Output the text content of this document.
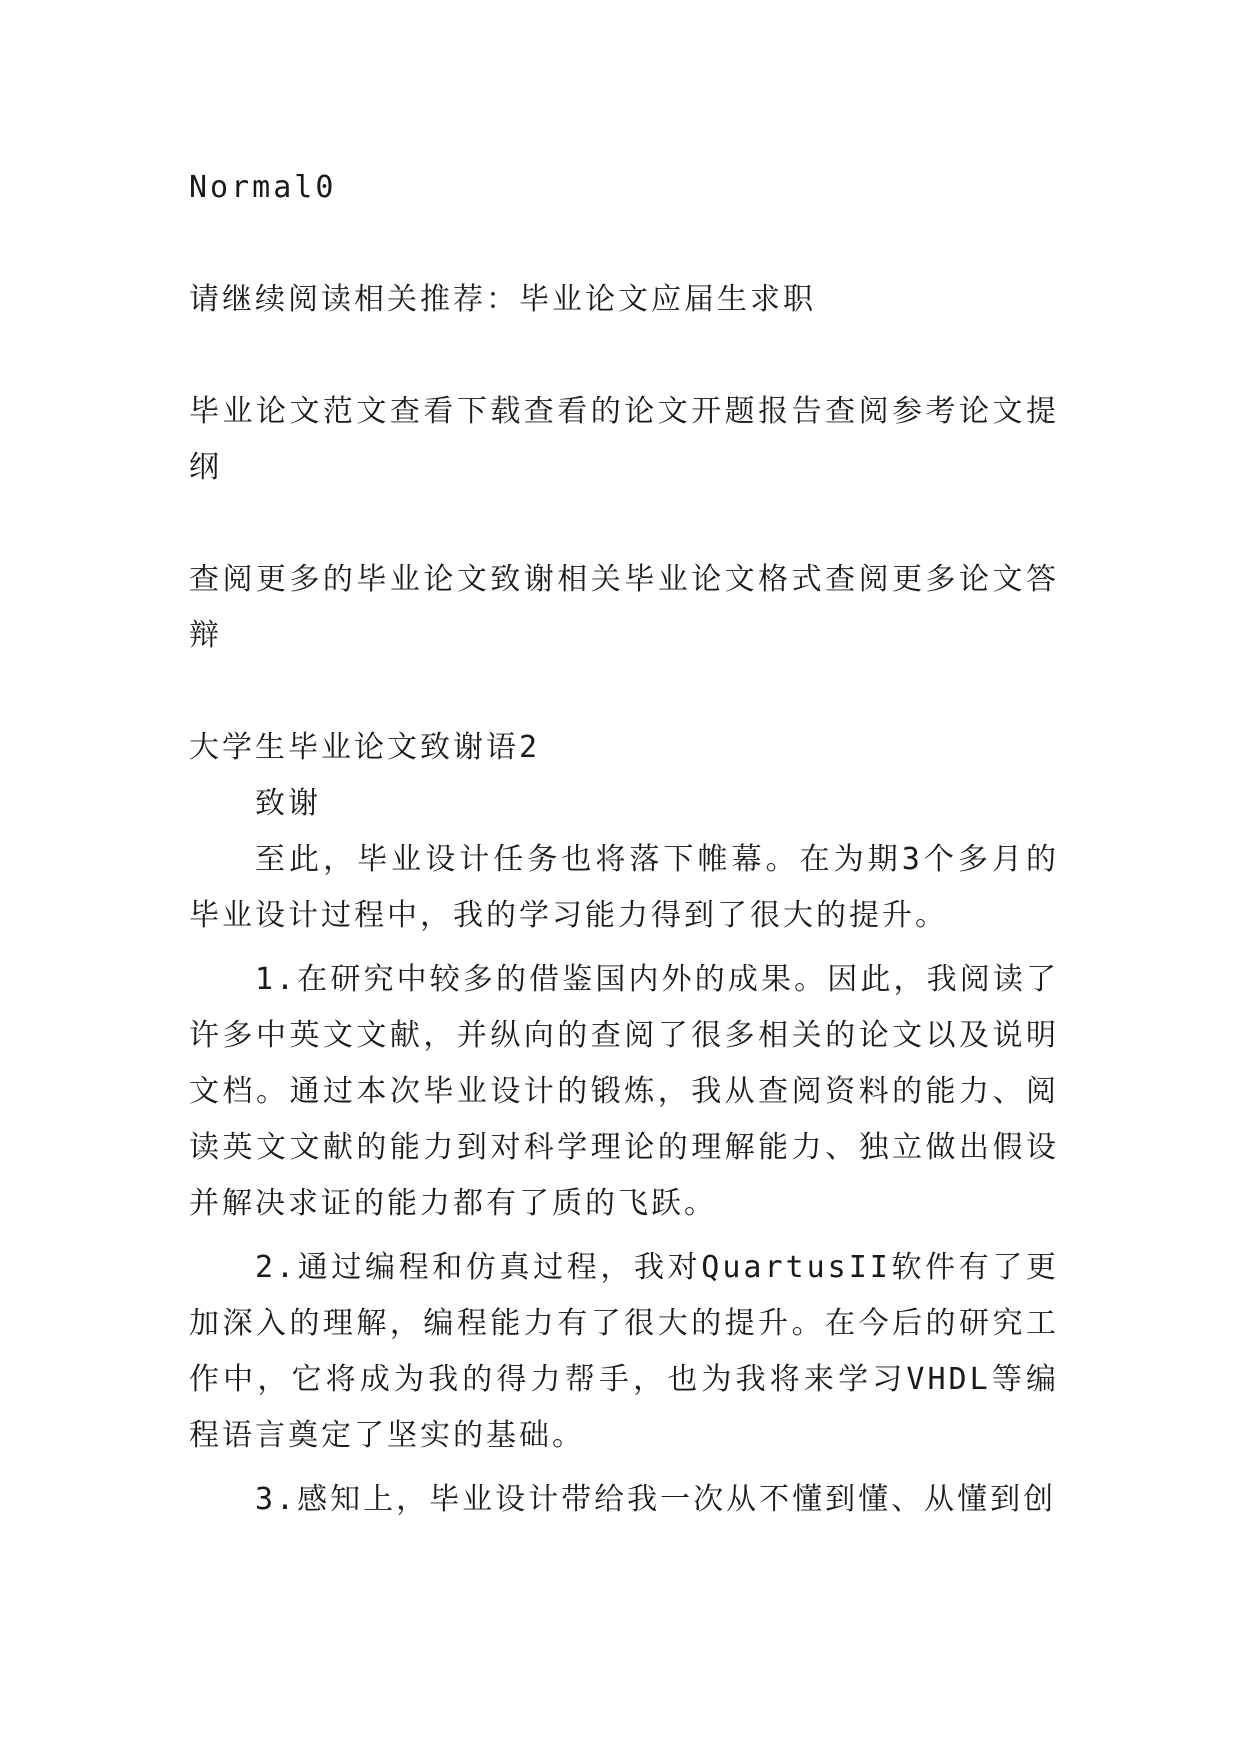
Normal0

请继续阅读相关推荐：毕业论文应届生求职

毕业论文范文查看下载查看的论文开题报告查阅参考论文提纲

查阅更多的毕业论文致谢相关毕业论文格式查阅更多论文答辩

大学生毕业论文致谢语2

致谢

至此，毕业设计任务也将落下帷幕。在为期3个多月的毕业设计过程中，我的学习能力得到了很大的提升。

1.在研究中较多的借鉴国内外的成果。因此，我阅读了许多中英文文献，并纵向的查阅了很多相关的论文以及说明文档。通过本次毕业设计的锻炼，我从查阅资料的能力、阅读英文文献的能力到对科学理论的理解能力、独立做出假设并解决求证的能力都有了质的飞跃。

2.通过编程和仿真过程，我对QuartusII软件有了更加深入的理解，编程能力有了很大的提升。在今后的研究工作中，它将成为我的得力帮手，也为我将来学习VHDL等编程语言奠定了坚实的基础。

3.感知上，毕业设计带给我一次从不懂到懂、从懂到创
